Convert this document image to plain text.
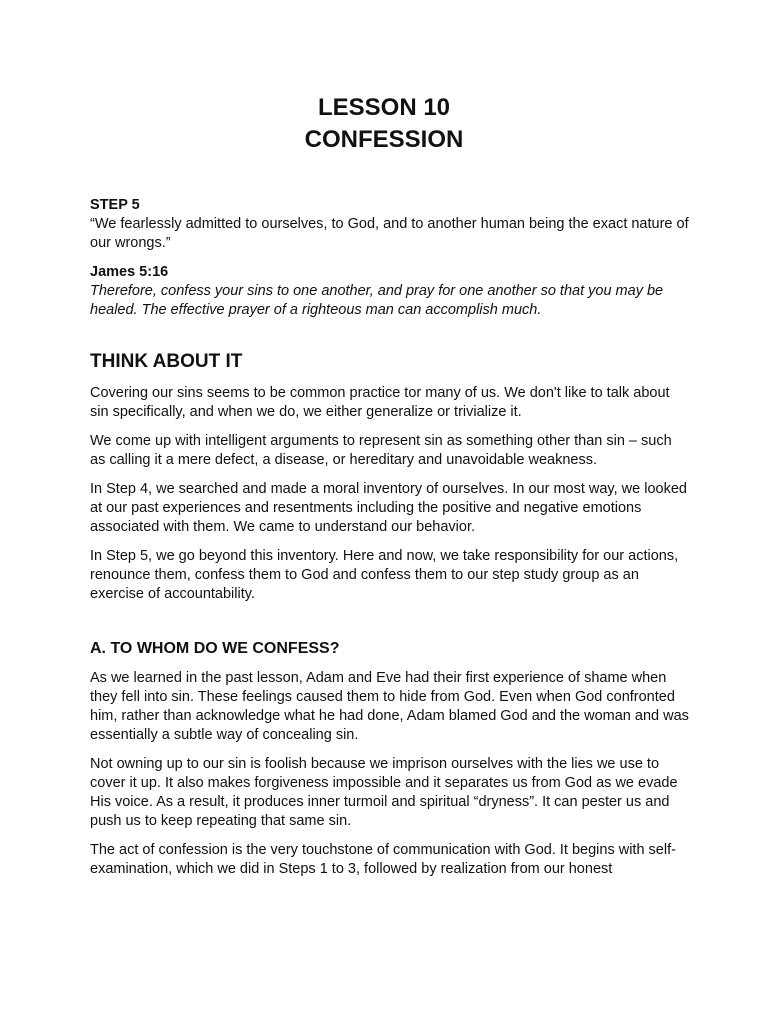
LESSON 10
CONFESSION

STEP 5

“We fearlessly admitted to ourselves, to God, and to another human being the exact nature of our wrongs.”

James 5:16

Therefore, confess your sins to one another, and pray for one another so that you may be healed. The effective prayer of a righteous man can accomplish much.

THINK ABOUT IT

Covering our sins seems to be common practice tor many of us. We don't like to talk about sin specifically, and when we do, we either generalize or trivialize it.

We come up with intelligent arguments to represent sin as something other than sin – such as calling it a mere defect, a disease, or hereditary and unavoidable weakness.

In Step 4, we searched and made a moral inventory of ourselves. In our most way, we looked at our past experiences and resentments including the positive and negative emotions associated with them. We came to understand our behavior.

In Step 5, we go beyond this inventory. Here and now, we take responsibility for our actions, renounce them, confess them to God and confess them to our step study group as an exercise of accountability.

A. TO WHOM DO WE CONFESS?

As we learned in the past lesson, Adam and Eve had their first experience of shame when they fell into sin. These feelings caused them to hide from God. Even when God confronted him, rather than acknowledge what he had done, Adam blamed God and the woman and was essentially a subtle way of concealing sin.

Not owning up to our sin is foolish because we imprison ourselves with the lies we use to cover it up. It also makes forgiveness impossible and it separates us from God as we evade His voice. As a result, it produces inner turmoil and spiritual “dryness”. It can pester us and push us to keep repeating that same sin.

The act of confession is the very touchstone of communication with God. It begins with self-examination, which we did in Steps 1 to 3, followed by realization from our honest
